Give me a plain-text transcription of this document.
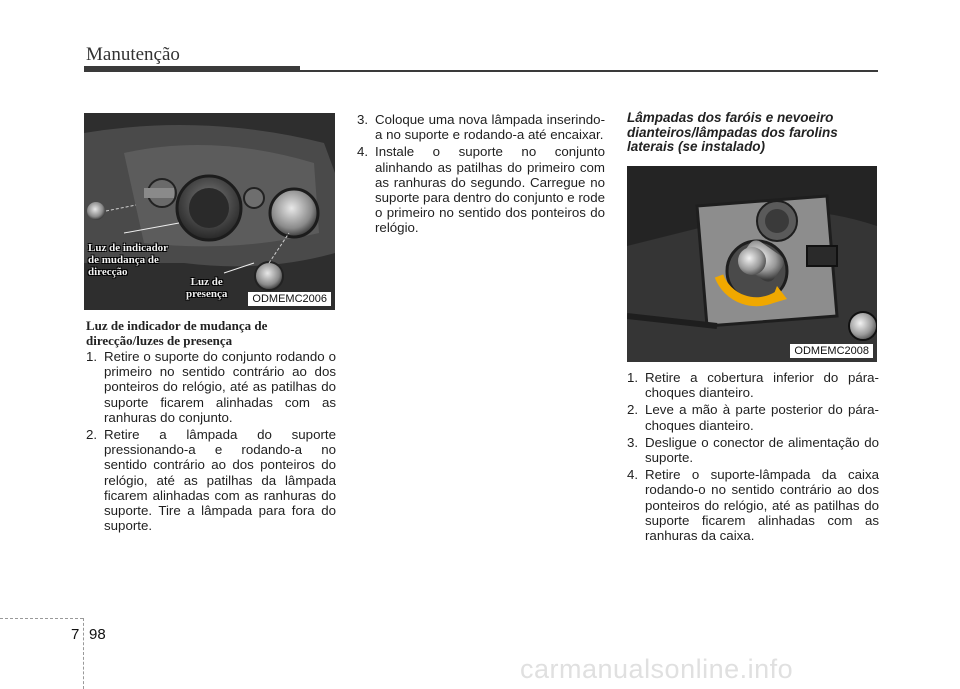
Manutenção
Luz de indicador
de mudança de
direcção
Luz de
presença	ODMEMC2006
Luz de indicador de mudança de direcção/luzes de presença
1. Retire o suporte do conjunto rodando o primeiro no sentido contrário ao dos ponteiros do relógio, até as patilhas do suporte ficarem alinhadas com as ranhuras do conjunto.
2. Retire a lâmpada do suporte pressionando-a e rodando-a no sentido contrário ao dos ponteiros do relógio, até as patilhas da lâmpada ficarem alinhadas com as ranhuras do suporte. Tire a lâmpada para fora do suporte.
3. Coloque uma nova lâmpada inserindo-a no suporte e rodando-a até encaixar.
4. Instale o suporte no conjunto alinhando as patilhas do primeiro com as ranhuras do segundo. Carregue no suporte para dentro do conjunto e rode o primeiro no sentido dos ponteiros do relógio.
Lâmpadas dos faróis e nevoeiro dianteiros/lâmpadas dos farolins laterais (se instalado)
ODMEMC2008
1. Retire a cobertura inferior do pára-choques dianteiro.
2. Leve a mão à parte posterior do pára-choques dianteiro.
3. Desligue o conector de alimentação do suporte.
4. Retire o suporte-lâmpada da caixa rodando-o no sentido contrário ao dos ponteiros do relógio, até as patilhas do suporte ficarem alinhadas com as ranhuras da caixa.
7 98
carmanualsonline.info
